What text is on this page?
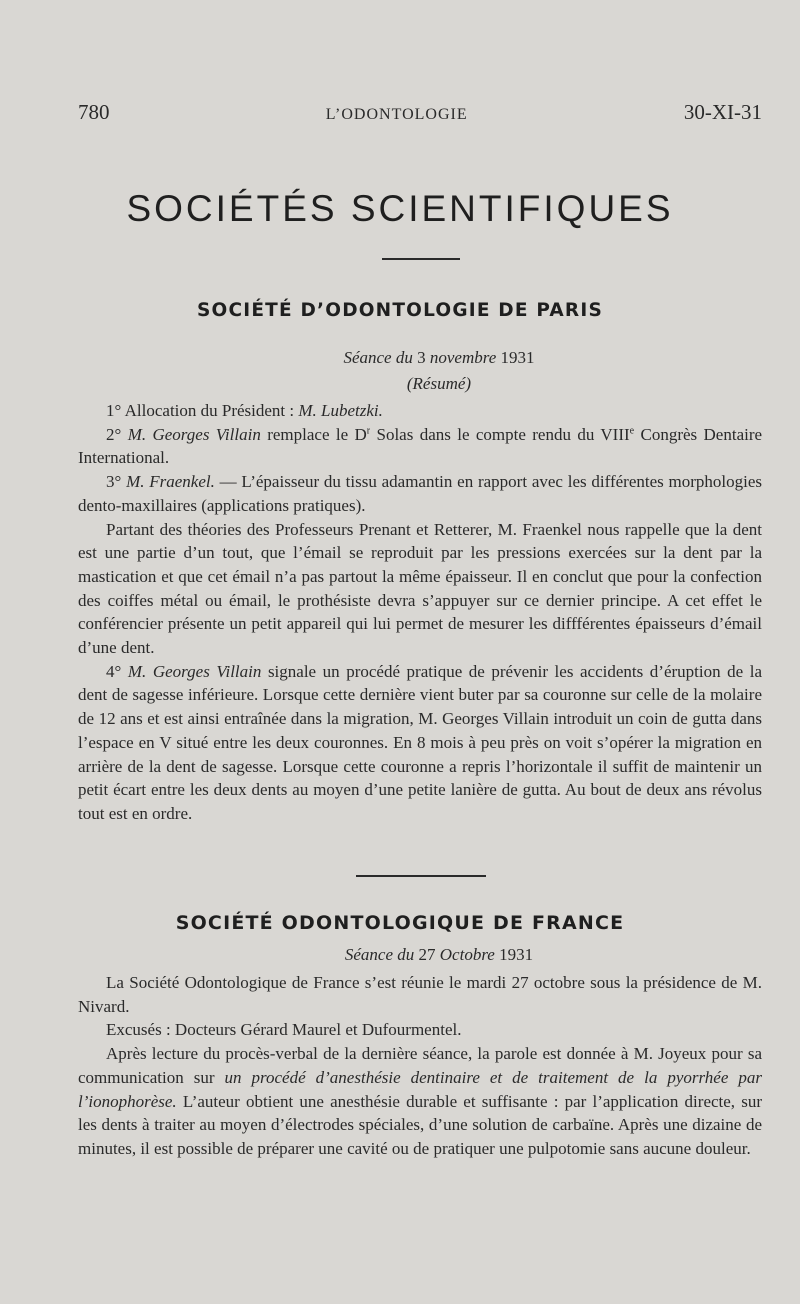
780	L’ODONTOLOGIE	30-XI-31
SOCIÉTÉS SCIENTIFIQUES
SOCIÉTÉ D’ODONTOLOGIE DE PARIS
Séance du 3 novembre 1931
(Résumé)

1° Allocation du Président : M. Lubetzki.

2° M. Georges Villain remplace le $D^r$ Solas dans le compte rendu du VIIIe Congrès Dentaire International.

3° M. Fraenkel. — L’épaisseur du tissu adamantin en rapport avec les différentes morphologies dento-maxillaires (applications pratiques).

Partant des théories des Professeurs Prenant et Retterer, M. Fraenkel nous rappelle que la dent est une partie d’un tout, que l’émail se reproduit par les pressions exercées sur la dent par la mastication et que cet émail n’a pas partout la même épaisseur. Il en conclut que pour la confection des coiffes métal ou émail, le prothésiste devra s’appuyer sur ce dernier principe. A cet effet le conférencier présente un petit appareil qui lui permet de mesurer les diffférentes épaisseurs d’émail d’une dent.

4° M. Georges Villain signale un procédé pratique de prévenir les accidents d’éruption de la dent de sagesse inférieure. Lorsque cette dernière vient buter par sa couronne sur celle de la molaire de 12 ans et est ainsi entraînée dans la migration, M. Georges Villain introduit un coin de gutta dans l’espace en V situé entre les deux couronnes. En 8 mois à peu près on voit s’opérer la migration en arrière de la dent de sagesse. Lorsque cette couronne a repris l’horizontale il suffit de maintenir un petit écart entre les deux dents au moyen d’une petite lanière de gutta. Au bout de deux ans révolus tout est en ordre.

SOCIÉTÉ ODONTOLOGIQUE DE FRANCE
Séance du 27 Octobre 1931

La Société Odontologique de France s’est réunie le mardi 27 octobre sous la présidence de M. Nivard.

Excusés : Docteurs Gérard Maurel et Dufourmentel.

Après lecture du procès-verbal de la dernière séance, la parole est donnée à M. Joyeux pour sa communication sur un procédé d’anesthésie dentinaire et de traitement de la pyorrhée par l’ionophorèse. L’auteur obtient une anesthésie durable et suffisante : par l’application directe, sur les dents à traiter au moyen d’électrodes spéciales, d’une solution de carbaïne. Après une dizaine de minutes, il est possible de préparer une cavité ou de pratiquer une pulpotomie sans aucune douleur.
